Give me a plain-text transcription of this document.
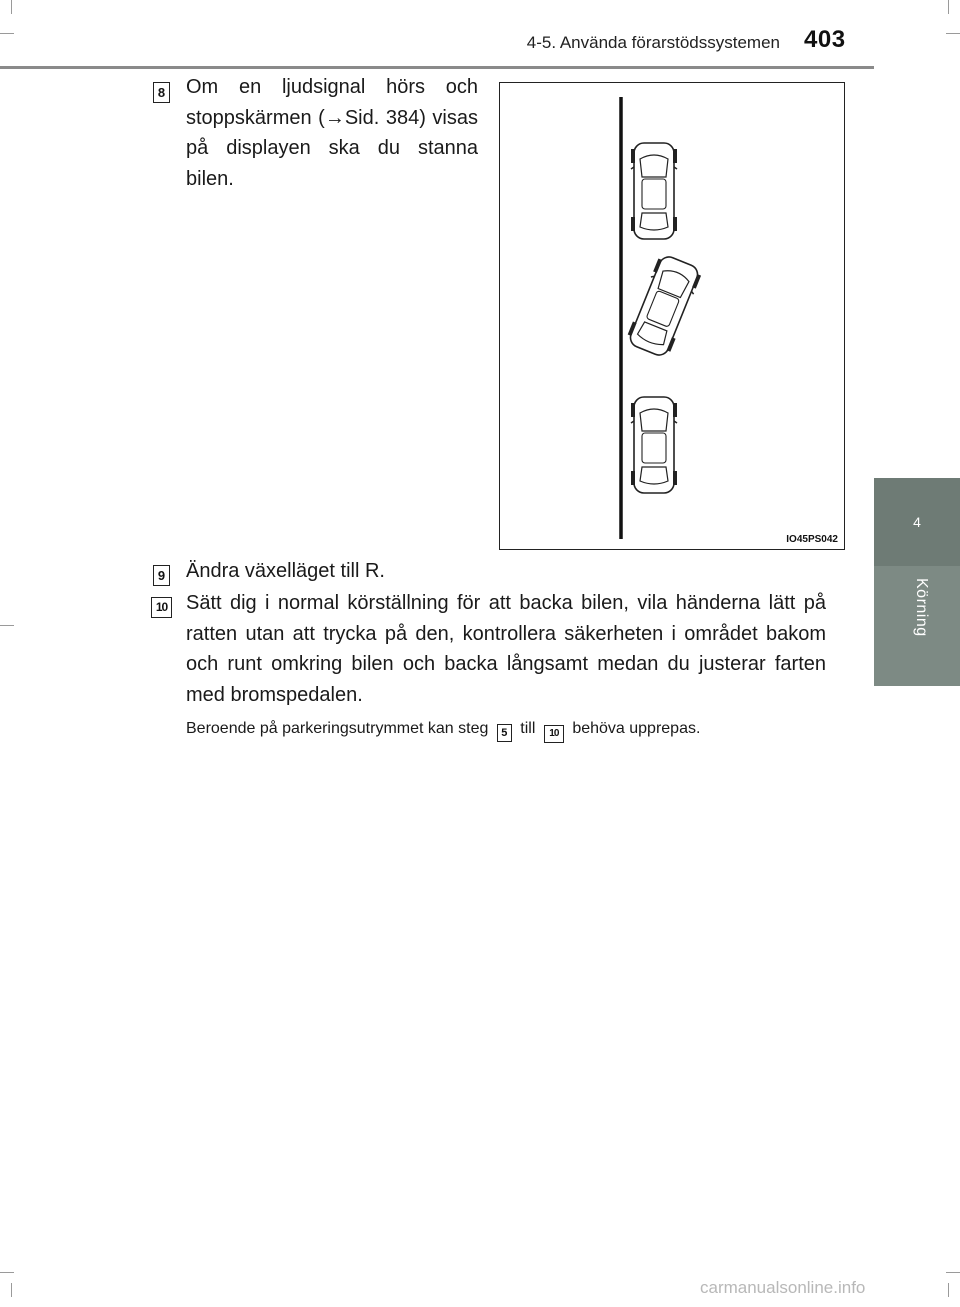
4-5. Använda förarstödssystemen 403
4
Körning
8 Om en ljudsignal hörs och stoppskärmen (→Sid. 384) visas på displayen ska du stanna bilen.
IO45PS042
9 Ändra växelläget till R.
10 Sätt dig i normal körställning för att backa bilen, vila händerna lätt på ratten utan att trycka på den, kontrollera säkerheten i området bakom och runt omkring bilen och backa långsamt medan du justerar farten med bromspedalen.
Beroende på parkeringsutrymmet kan steg 5 till 10 behöva upprepas.
carmanualsonline.info
